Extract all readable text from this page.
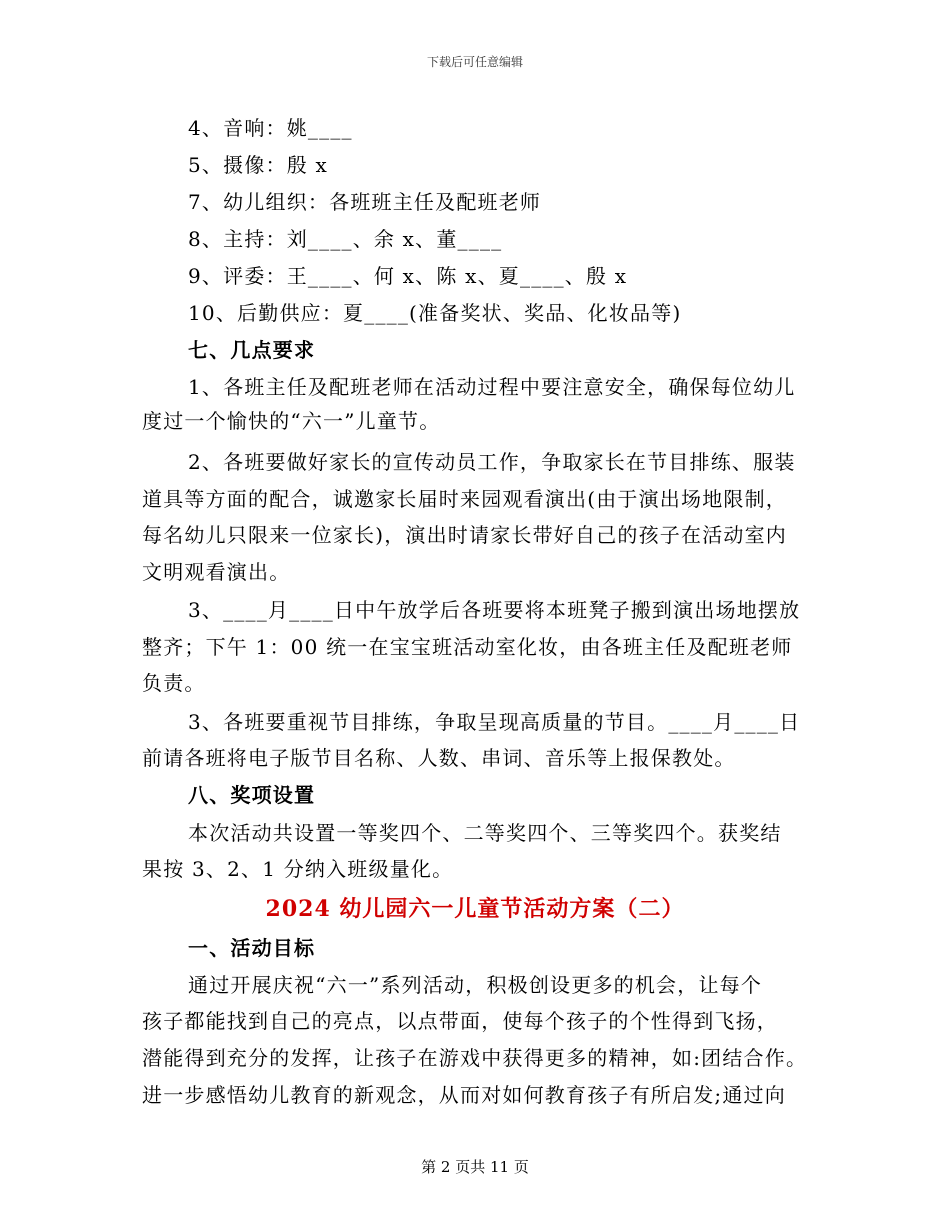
下载后可任意编辑
4、音响：姚____
5、摄像：殷 x
7、幼儿组织：各班班主任及配班老师
8、主持：刘____、余 x、董____
9、评委：王____、何 x、陈 x、夏____、殷 x
10、后勤供应：夏____(准备奖状、奖品、化妆品等)
七、几点要求
1、各班主任及配班老师在活动过程中要注意安全，确保每位幼儿
度过一个愉快的“六一”儿童节。
2、各班要做好家长的宣传动员工作，争取家长在节目排练、服装
道具等方面的配合，诚邀家长届时来园观看演出(由于演出场地限制，
每名幼儿只限来一位家长)，演出时请家长带好自己的孩子在活动室内
文明观看演出。
3、____月____日中午放学后各班要将本班凳子搬到演出场地摆放
整齐；下午 1：00 统一在宝宝班活动室化妆，由各班主任及配班老师
负责。
3、各班要重视节目排练，争取呈现高质量的节目。____月____日
前请各班将电子版节目名称、人数、串词、音乐等上报保教处。
八、奖项设置
本次活动共设置一等奖四个、二等奖四个、三等奖四个。获奖结
果按 3、2、1 分纳入班级量化。
2024 幼儿园六一儿童节活动方案（二）
一、活动目标
通过开展庆祝“六一”系列活动，积极创设更多的机会，让每个
孩子都能找到自己的亮点，以点带面，使每个孩子的个性得到飞扬，
潜能得到充分的发挥，让孩子在游戏中获得更多的精神，如:团结合作。
进一步感悟幼儿教育的新观念，从而对如何教育孩子有所启发;通过向
第 2 页共 11 页
